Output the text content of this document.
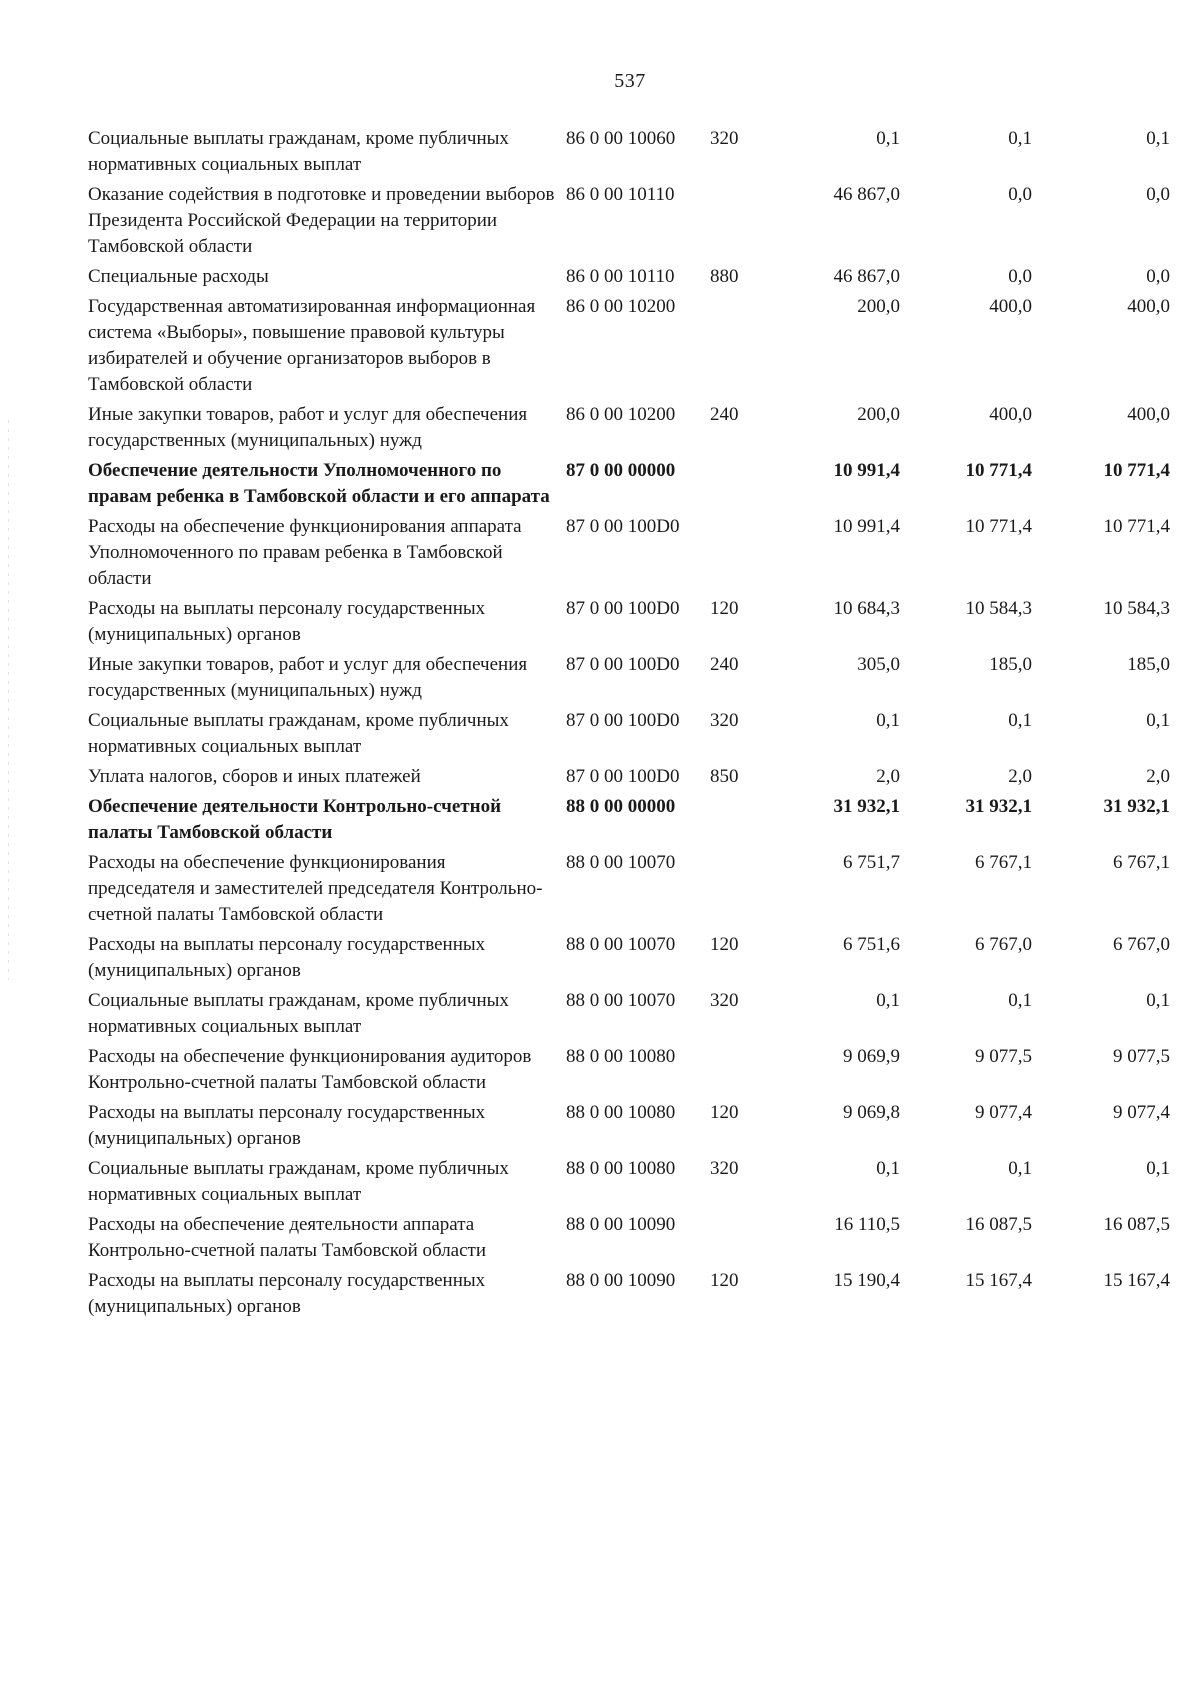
537
Социальные выплаты гражданам, кроме публичных нормативных социальных выплат	86 0 00 10060	320	0,1	0,1	0,1
Оказание содействия в подготовке и проведении выборов Президента Российской Федерации на территории Тамбовской области	86 0 00 10110		46 867,0	0,0	0,0
Специальные расходы	86 0 00 10110	880	46 867,0	0,0	0,0
Государственная автоматизированная информационная система «Выборы», повышение правовой культуры избирателей и обучение организаторов выборов в Тамбовской области	86 0 00 10200		200,0	400,0	400,0
Иные закупки товаров, работ и услуг для обеспечения государственных (муниципальных) нужд	86 0 00 10200	240	200,0	400,0	400,0
Обеспечение деятельности Уполномоченного по правам ребенка в Тамбовской области и его аппарата	87 0 00 00000		10 991,4	10 771,4	10 771,4
Расходы на обеспечение функционирования аппарата Уполномоченного по правам ребенка в Тамбовской области	87 0 00 100D0		10 991,4	10 771,4	10 771,4
Расходы на выплаты персоналу государственных (муниципальных) органов	87 0 00 100D0	120	10 684,3	10 584,3	10 584,3
Иные закупки товаров, работ и услуг для обеспечения государственных (муниципальных) нужд	87 0 00 100D0	240	305,0	185,0	185,0
Социальные выплаты гражданам, кроме публичных нормативных социальных выплат	87 0 00 100D0	320	0,1	0,1	0,1
Уплата налогов, сборов и иных платежей	87 0 00 100D0	850	2,0	2,0	2,0
Обеспечение деятельности Контрольно-счетной палаты Тамбовской области	88 0 00 00000		31 932,1	31 932,1	31 932,1
Расходы на обеспечение функционирования председателя и заместителей председателя Контрольно-счетной палаты Тамбовской области	88 0 00 10070		6 751,7	6 767,1	6 767,1
Расходы на выплаты персоналу государственных (муниципальных) органов	88 0 00 10070	120	6 751,6	6 767,0	6 767,0
Социальные выплаты гражданам, кроме публичных нормативных социальных выплат	88 0 00 10070	320	0,1	0,1	0,1
Расходы на обеспечение функционирования аудиторов Контрольно-счетной палаты Тамбовской области	88 0 00 10080		9 069,9	9 077,5	9 077,5
Расходы на выплаты персоналу государственных (муниципальных) органов	88 0 00 10080	120	9 069,8	9 077,4	9 077,4
Социальные выплаты гражданам, кроме публичных нормативных социальных выплат	88 0 00 10080	320	0,1	0,1	0,1
Расходы на обеспечение деятельности аппарата Контрольно-счетной палаты Тамбовской области	88 0 00 10090		16 110,5	16 087,5	16 087,5
Расходы на выплаты персоналу государственных (муниципальных) органов	88 0 00 10090	120	15 190,4	15 167,4	15 167,4
